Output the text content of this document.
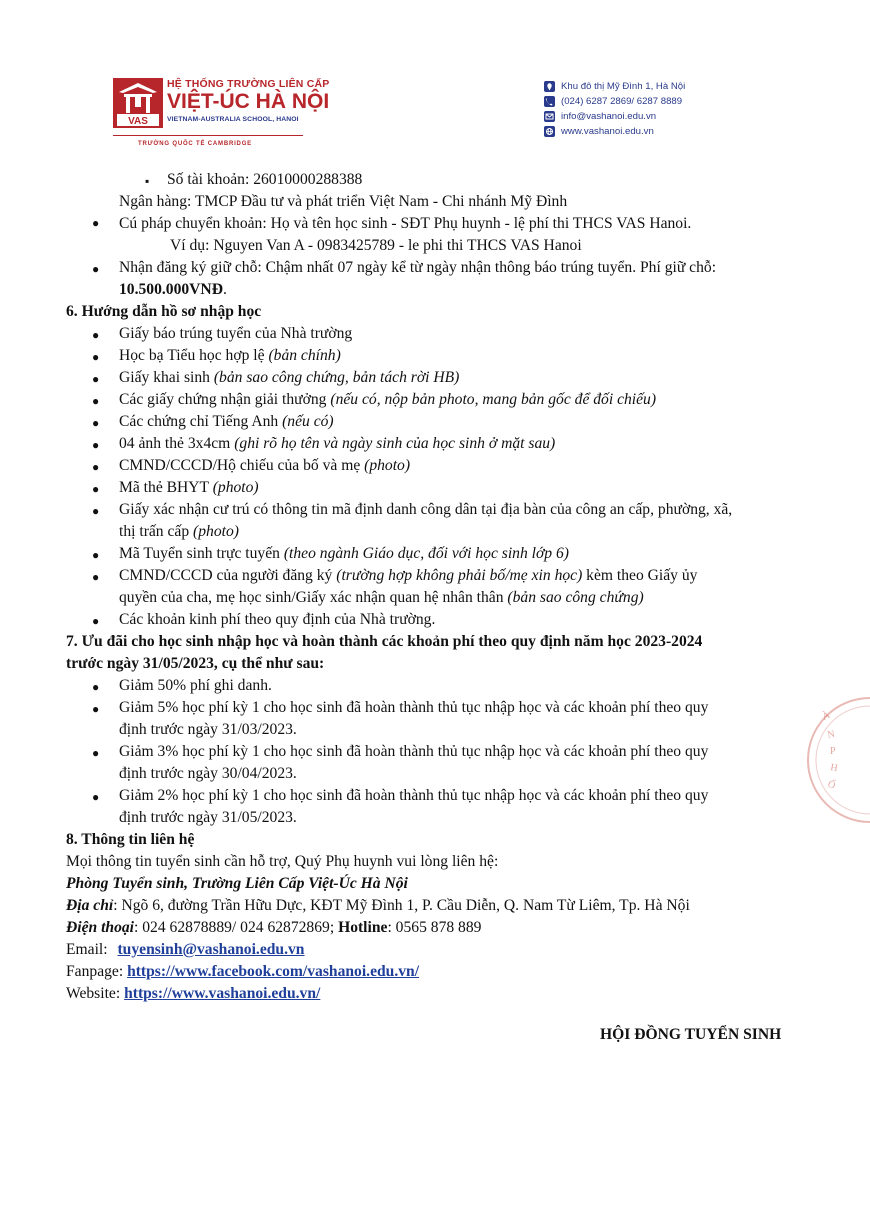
VAS
HỆ THỐNG TRƯỜNG LIÊN CẤP
VIỆT-ÚC HÀ NỘI
VIETNAM-AUSTRALIA SCHOOL, HANOI
TRƯỜNG QUỐC TẾ CAMBRIDGE
Khu đô thị Mỹ Đình 1, Hà Nội
(024) 6287 2869/ 6287 8889
info@vashanoi.edu.vn
www.vashanoi.edu.vn
▪ Số tài khoản: 26010000288388
Ngân hàng: TMCP Đầu tư và phát triển Việt Nam - Chi nhánh Mỹ Đình
● Cú pháp chuyển khoản: Họ và tên học sinh - SĐT Phụ huynh - lệ phí thi THCS VAS Hanoi.
Ví dụ: Nguyen Van A - 0983425789 - le phi thi THCS VAS Hanoi
● Nhận đăng ký giữ chỗ: Chậm nhất 07 ngày kể từ ngày nhận thông báo trúng tuyển. Phí giữ chỗ:
10.500.000VNĐ.
6. Hướng dẫn hồ sơ nhập học
● Giấy báo trúng tuyển của Nhà trường
● Học bạ Tiểu học hợp lệ (bản chính)
● Giấy khai sinh (bản sao công chứng, bản tách rời HB)
● Các giấy chứng nhận giải thưởng (nếu có, nộp bản photo, mang bản gốc để đối chiếu)
● Các chứng chỉ Tiếng Anh (nếu có)
● 04 ảnh thẻ 3x4cm (ghi rõ họ tên và ngày sinh của học sinh ở mặt sau)
● CMND/CCCD/Hộ chiếu của bố và mẹ (photo)
● Mã thẻ BHYT (photo)
● Giấy xác nhận cư trú có thông tin mã định danh công dân tại địa bàn của công an cấp, phường, xã,
thị trấn cấp (photo)
● Mã Tuyển sinh trực tuyến (theo ngành Giáo dục, đối với học sinh lớp 6)
● CMND/CCCD của người đăng ký (trường hợp không phải bố/mẹ xin học) kèm theo Giấy ủy
quyền của cha, mẹ học sinh/Giấy xác nhận quan hệ nhân thân (bản sao công chứng)
● Các khoản kinh phí theo quy định của Nhà trường.
7. Ưu đãi cho học sinh nhập học và hoàn thành các khoản phí theo quy định năm học 2023-2024
trước ngày 31/05/2023, cụ thể như sau:
● Giảm 50% phí ghi danh.
● Giảm 5% học phí kỳ 1 cho học sinh đã hoàn thành thủ tục nhập học và các khoản phí theo quy
định trước ngày 31/03/2023.
● Giảm 3% học phí kỳ 1 cho học sinh đã hoàn thành thủ tục nhập học và các khoản phí theo quy
định trước ngày 30/04/2023.
● Giảm 2% học phí kỳ 1 cho học sinh đã hoàn thành thủ tục nhập học và các khoản phí theo quy
định trước ngày 31/05/2023.
8. Thông tin liên hệ
Mọi thông tin tuyển sinh cần hỗ trợ, Quý Phụ huynh vui lòng liên hệ:
Phòng Tuyển sinh, Trường Liên Cấp Việt-Úc Hà Nội
Địa chỉ: Ngõ 6, đường Trần Hữu Dực, KĐT Mỹ Đình 1, P. Cầu Diễn, Q. Nam Từ Liêm, Tp. Hà Nội
Điện thoại: 024 62878889/ 024 62872869; Hotline: 0565 878 889
Email: tuyensinh@vashanoi.edu.vn
Fanpage: https://www.facebook.com/vashanoi.edu.vn/
Website: https://www.vashanoi.edu.vn/
HỘI ĐỒNG TUYỂN SINH
À
N
P
H
Ố
